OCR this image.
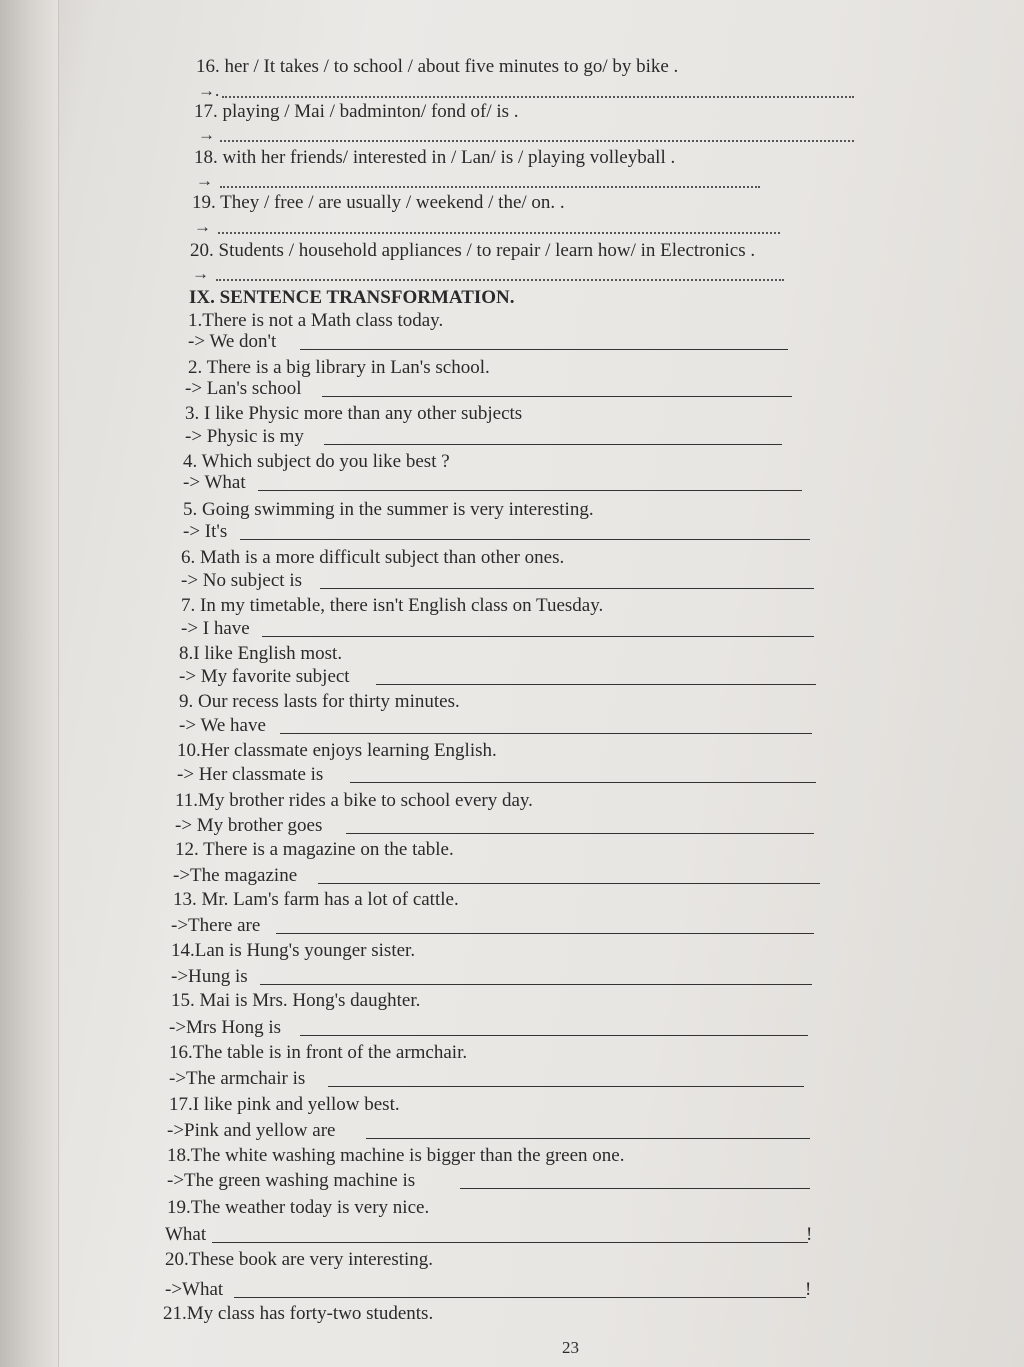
16. her / It takes / to school / about five minutes to go/ by bike .
→.
17. playing / Mai / badminton/ fond of/ is .
→
18. with her friends/ interested in / Lan/ is / playing volleyball .
→
19. They / free / are usually / weekend / the/ on. .
→
20. Students / household appliances / to repair / learn how/ in Electronics .
→
IX. SENTENCE TRANSFORMATION.
1.There is not a Math class today.
-> We don't
2. There is a big library in Lan's school.
-> Lan's school
3. I like Physic more than any other subjects
-> Physic is my
4. Which subject do you like best ?
-> What
5. Going swimming in the summer is very interesting.
-> It's
6. Math is a more difficult subject than other ones.
-> No subject is
7. In my timetable, there isn't English class on Tuesday.
-> I have
8.I like English most.
-> My favorite subject
9. Our recess lasts for thirty minutes.
-> We have
10.Her classmate enjoys learning English.
-> Her classmate is
11.My brother rides a bike to school every day.
-> My brother goes
12. There is a magazine on the table.
->The magazine
13. Mr. Lam's farm has a lot of cattle.
->There are
14.Lan is Hung's younger sister.
->Hung is
15. Mai is Mrs. Hong's daughter.
->Mrs Hong is
16.The table is in front of the armchair.
->The armchair is
17.I like pink and yellow best.
->Pink and yellow are
18.The white washing machine is bigger than the green one.
->The green washing machine is
19.The weather today is very nice.
What	!
20.These book are very interesting.
->What	!
21.My class has forty-two students.
23
